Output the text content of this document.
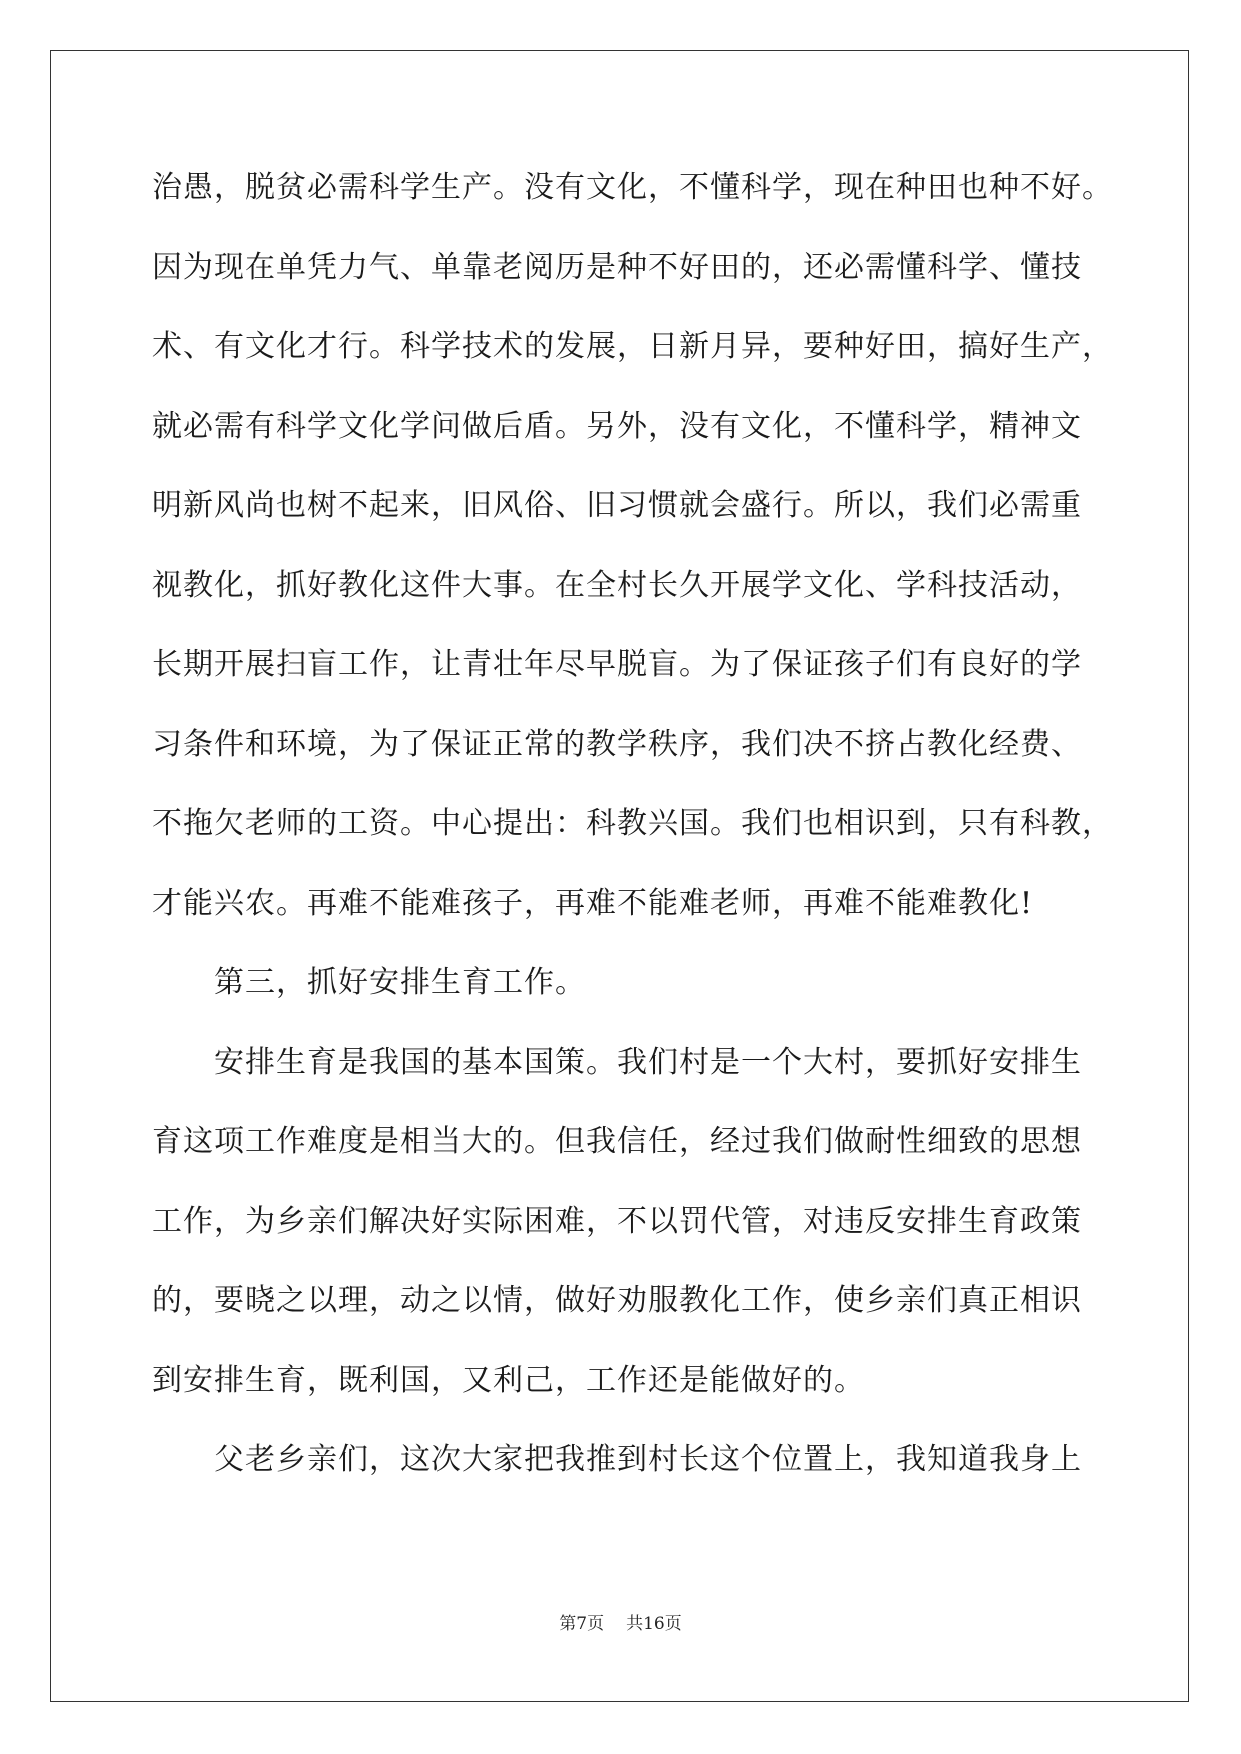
治愚，脱贫必需科学生产。没有文化，不懂科学，现在种田也种不好。
因为现在单凭力气、单靠老阅历是种不好田的，还必需懂科学、懂技
术、有文化才行。科学技术的发展，日新月异，要种好田，搞好生产，
就必需有科学文化学问做后盾。另外，没有文化，不懂科学，精神文
明新风尚也树不起来，旧风俗、旧习惯就会盛行。所以，我们必需重
视教化，抓好教化这件大事。在全村长久开展学文化、学科技活动，
长期开展扫盲工作，让青壮年尽早脱盲。为了保证孩子们有良好的学
习条件和环境，为了保证正常的教学秩序，我们决不挤占教化经费、
不拖欠老师的工资。中心提出：科教兴国。我们也相识到，只有科教，
才能兴农。再难不能难孩子，再难不能难老师，再难不能难教化!
第三，抓好安排生育工作。
安排生育是我国的基本国策。我们村是一个大村，要抓好安排生
育这项工作难度是相当大的。但我信任，经过我们做耐性细致的思想
工作，为乡亲们解决好实际困难，不以罚代管，对违反安排生育政策
的，要晓之以理，动之以情，做好劝服教化工作，使乡亲们真正相识
到安排生育，既利国，又利己，工作还是能做好的。
父老乡亲们，这次大家把我推到村长这个位置上，我知道我身上
第7页 共16页
